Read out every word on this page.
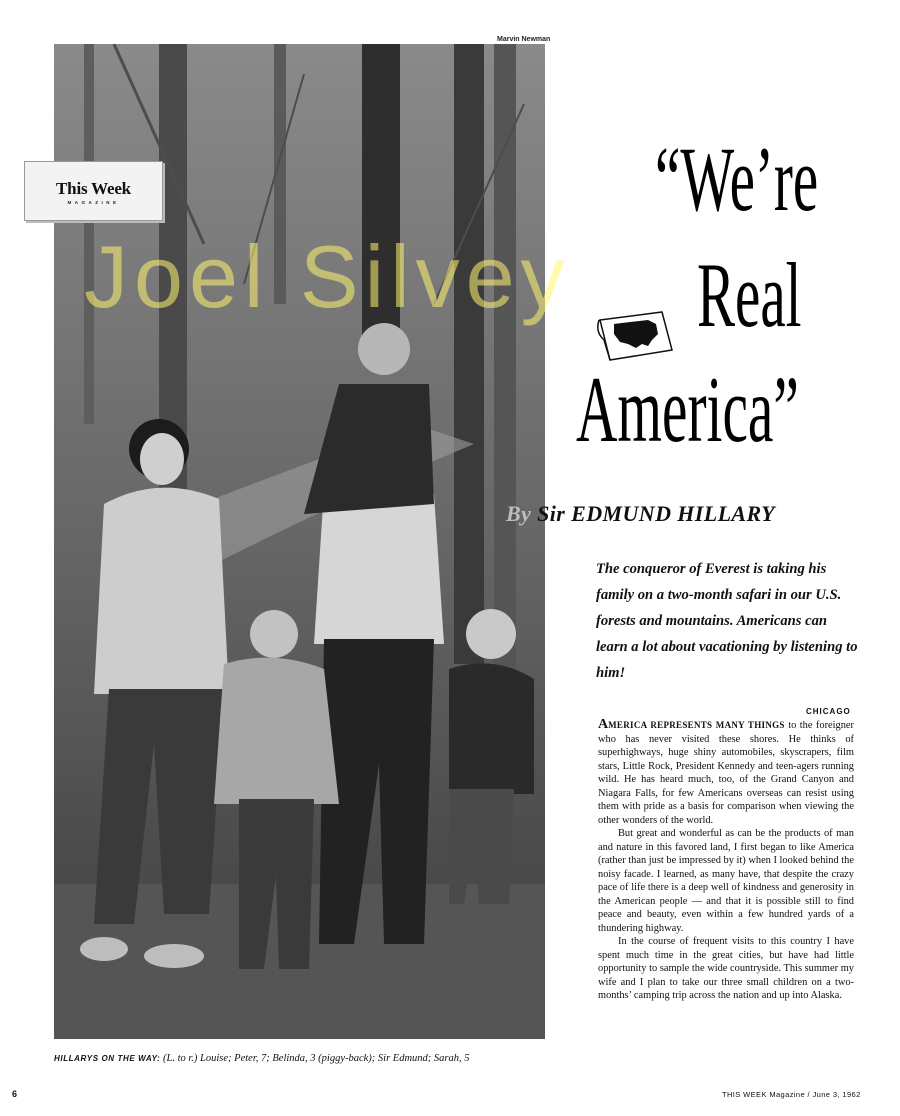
Marvin Newman
This Week
MAGAZINE
Joel Silvey
“We’re
Real
America”
By Sir EDMUND HILLARY
The conqueror of Everest is taking his family on a two-month safari in our U.S. forests and mountains. Americans can learn a lot about vacationing by listening to him!
CHICAGO

AMERICA REPRESENTS MANY THINGS to the foreigner who has never visited these shores. He thinks of superhighways, huge shiny automobiles, skyscrapers, film stars, Little Rock, President Kennedy and teen-agers running wild. He has heard much, too, of the Grand Canyon and Niagara Falls, for few Americans overseas can resist using them with pride as a basis for comparison when viewing the other wonders of the world.

But great and wonderful as can be the products of man and nature in this favored land, I first began to like America (rather than just be impressed by it) when I looked behind the noisy facade. I learned, as many have, that despite the crazy pace of life there is a deep well of kindness and generosity in the American people — and that it is possible still to find peace and beauty, even within a few hundred yards of a thundering highway.

In the course of frequent visits to this country I have spent much time in the great cities, but have had little opportunity to sample the wide countryside. This summer my wife and I plan to take our three small children on a two-months’ camping trip across the nation and up into Alaska.

HILLARYS ON THE WAY: (L. to r.) Louise; Peter, 7; Belinda, 3 (piggy-back); Sir Edmund; Sarah, 5
6	THIS WEEK Magazine / June 3, 1962
